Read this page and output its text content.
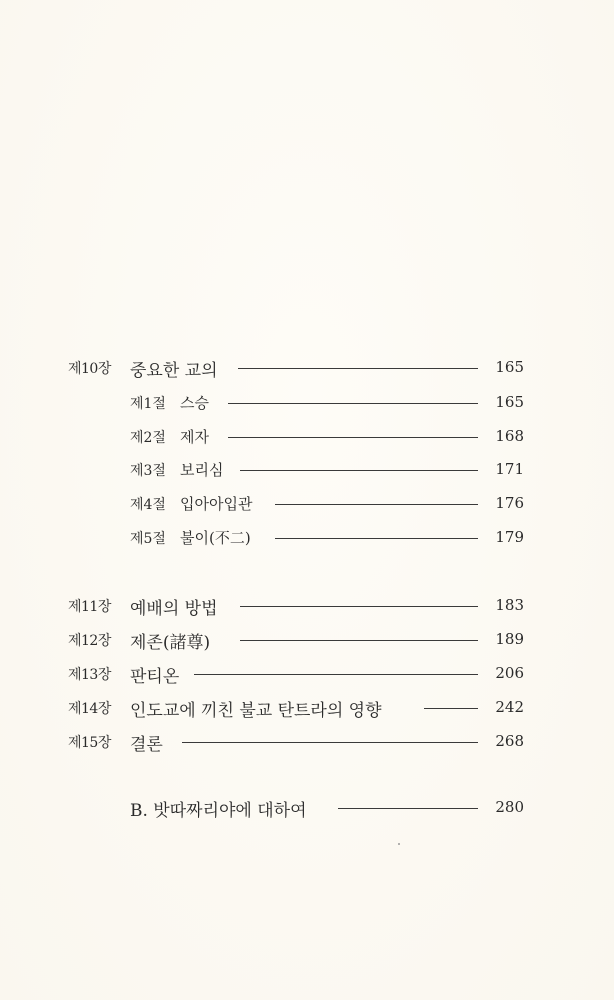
제10장 중요한 교의	165
제1절 스승	165
제2절 제자	168
제3절 보리심	171
제4절 입아아입관	176
제5절 불이(不二)	179
제11장 예배의 방법	183
제12장 제존(諸尊)	189
제13장 판티온	206
제14장 인도교에 끼친 불교 탄트라의 영향	242
제15장 결론	268
B. 밧따짜리야에 대하여	280
